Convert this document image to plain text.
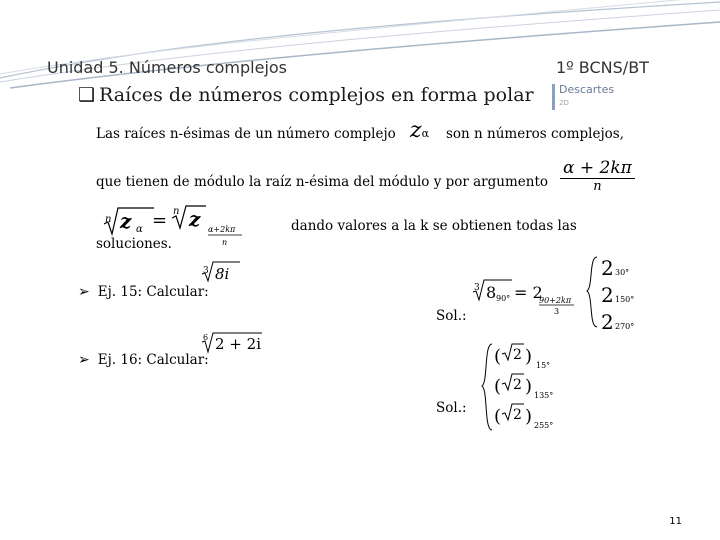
Unidad 5. Números complejos	1º BCNS/BT
Descartes
2D
❑ Raíces de números complejos en forma polar
Las raíces n-ésimas de un número complejo zα son n números complejos,
que tienen de módulo la raíz n-ésima del módulo y por argumento $\frac{\alpha + 2k\pi}{n}$
n z α = n z α+2kπ
n
dando valores a la k se obtienen todas las
soluciones.
➢ Ej. 15: Calcular:
3 8i
Sol.:
3 8 90° = 2
90+2kπ
3
2 30°
2 150°
2 270°
6 2 + 2i
➢ Ej. 16: Calcular:
Sol.:
( 2 ) 15°
( 2 ) 135°
( 2 ) 255°
11
